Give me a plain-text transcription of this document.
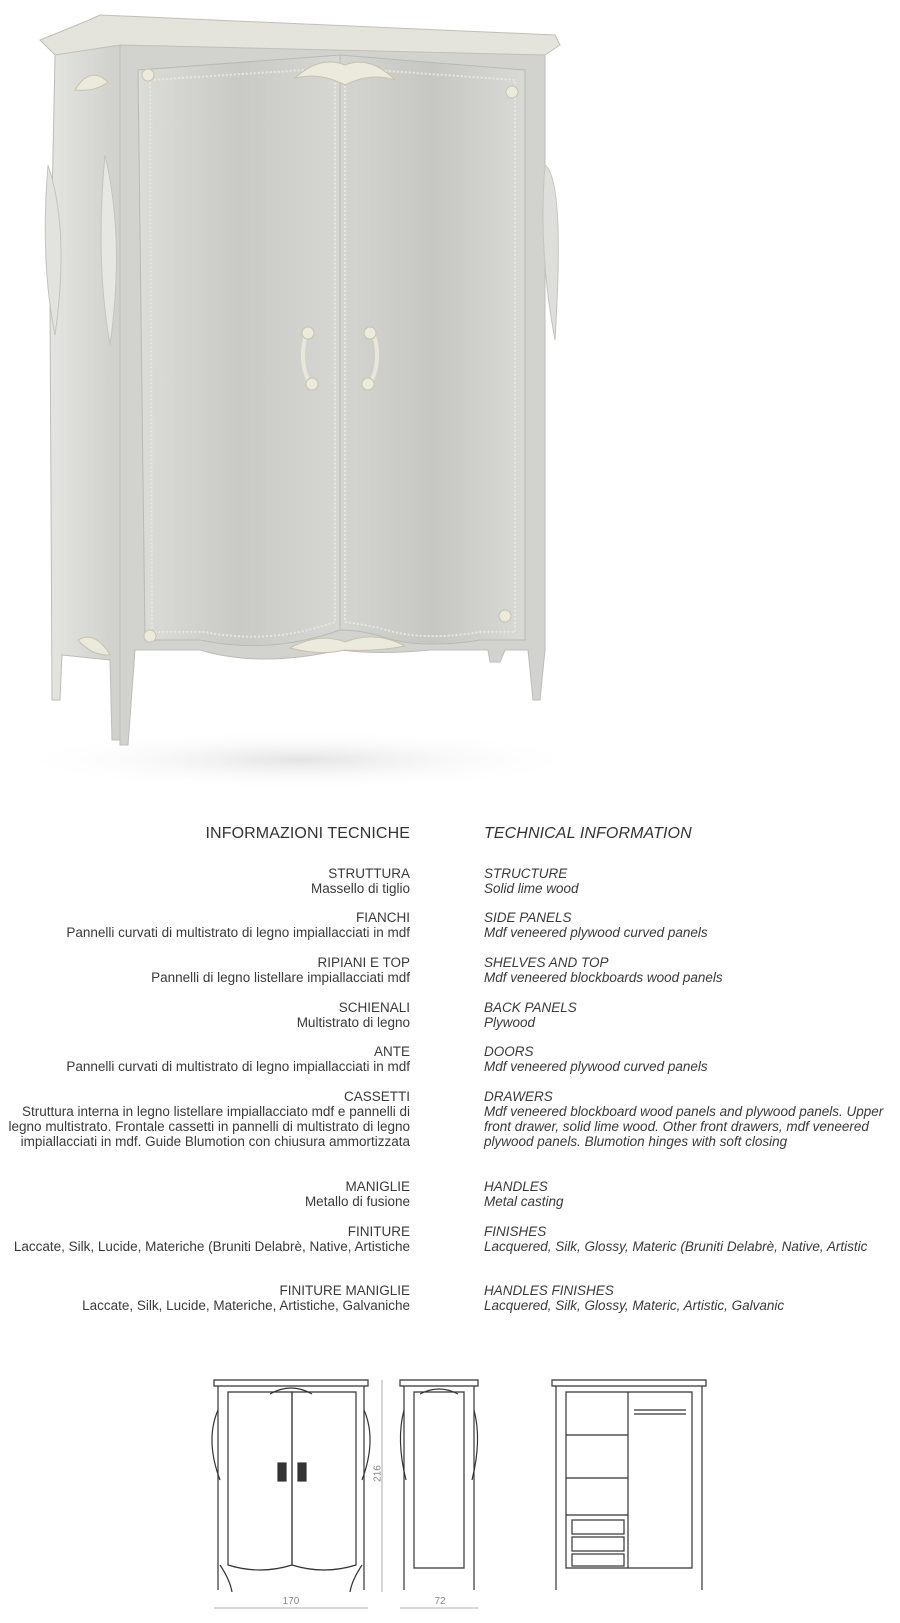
INFORMAZIONI TECNICHE	TECHNICAL INFORMATION
STRUTTURA
Massello di tiglio
FIANCHI
Pannelli curvati di multistrato di legno impiallacciati in mdf
RIPIANI E TOP
Pannelli di legno listellare impiallacciati mdf
SCHIENALI
Multistrato di legno
ANTE
Pannelli curvati di multistrato di legno impiallacciati in mdf
CASSETTI
Struttura interna in legno listellare impiallacciato mdf e pannelli di legno multistrato. Frontale cassetti in pannelli di multistrato di legno impiallacciati in mdf. Guide Blumotion con chiusura ammortizzata
MANIGLIE
Metallo di fusione
FINITURE
Laccate, Silk, Lucide, Materiche (Bruniti Delabrè, Native, Artistiche
FINITURE MANIGLIE
Laccate, Silk, Lucide, Materiche, Artistiche, Galvaniche
STRUCTURE
Solid lime wood
SIDE PANELS
Mdf veneered plywood curved panels
SHELVES AND TOP
Mdf veneered blockboards wood panels
BACK PANELS
Plywood
DOORS
Mdf veneered plywood curved panels
DRAWERS
Mdf veneered blockboard wood panels and plywood panels. Upper front drawer, solid lime wood. Other front drawers, mdf veneered plywood panels. Blumotion hinges with soft closing
HANDLES
Metal casting
FINISHES
Lacquered, Silk, Glossy, Materic (Bruniti Delabrè, Native, Artistic
HANDLES FINISHES
Lacquered, Silk, Glossy, Materic, Artistic, Galvanic
170	72
216
